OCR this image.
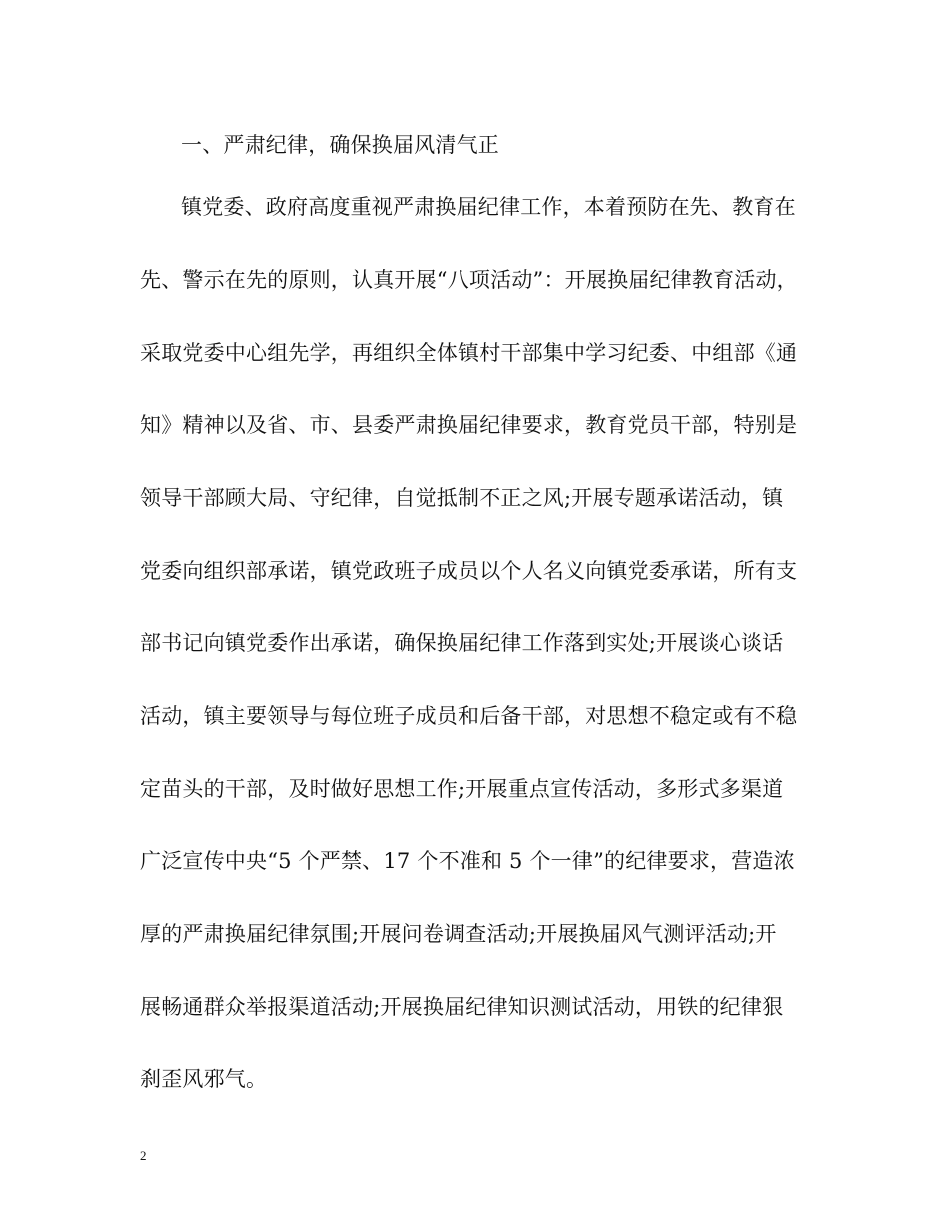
一、严肃纪律，确保换届风清气正
镇党委、政府高度重视严肃换届纪律工作，本着预防在先、教育在
先、警示在先的原则，认真开展“八项活动”：开展换届纪律教育活动，
采取党委中心组先学，再组织全体镇村干部集中学习纪委、中组部《通
知》精神以及省、市、县委严肃换届纪律要求，教育党员干部，特别是
领导干部顾大局、守纪律，自觉抵制不正之风;开展专题承诺活动，镇
党委向组织部承诺，镇党政班子成员以个人名义向镇党委承诺，所有支
部书记向镇党委作出承诺，确保换届纪律工作落到实处;开展谈心谈话
活动，镇主要领导与每位班子成员和后备干部，对思想不稳定或有不稳
定苗头的干部，及时做好思想工作;开展重点宣传活动，多形式多渠道
广泛宣传中央“5 个严禁、17 个不准和 5 个一律”的纪律要求，营造浓
厚的严肃换届纪律氛围;开展问卷调查活动;开展换届风气测评活动;开
展畅通群众举报渠道活动;开展换届纪律知识测试活动，用铁的纪律狠
刹歪风邪气。
2
